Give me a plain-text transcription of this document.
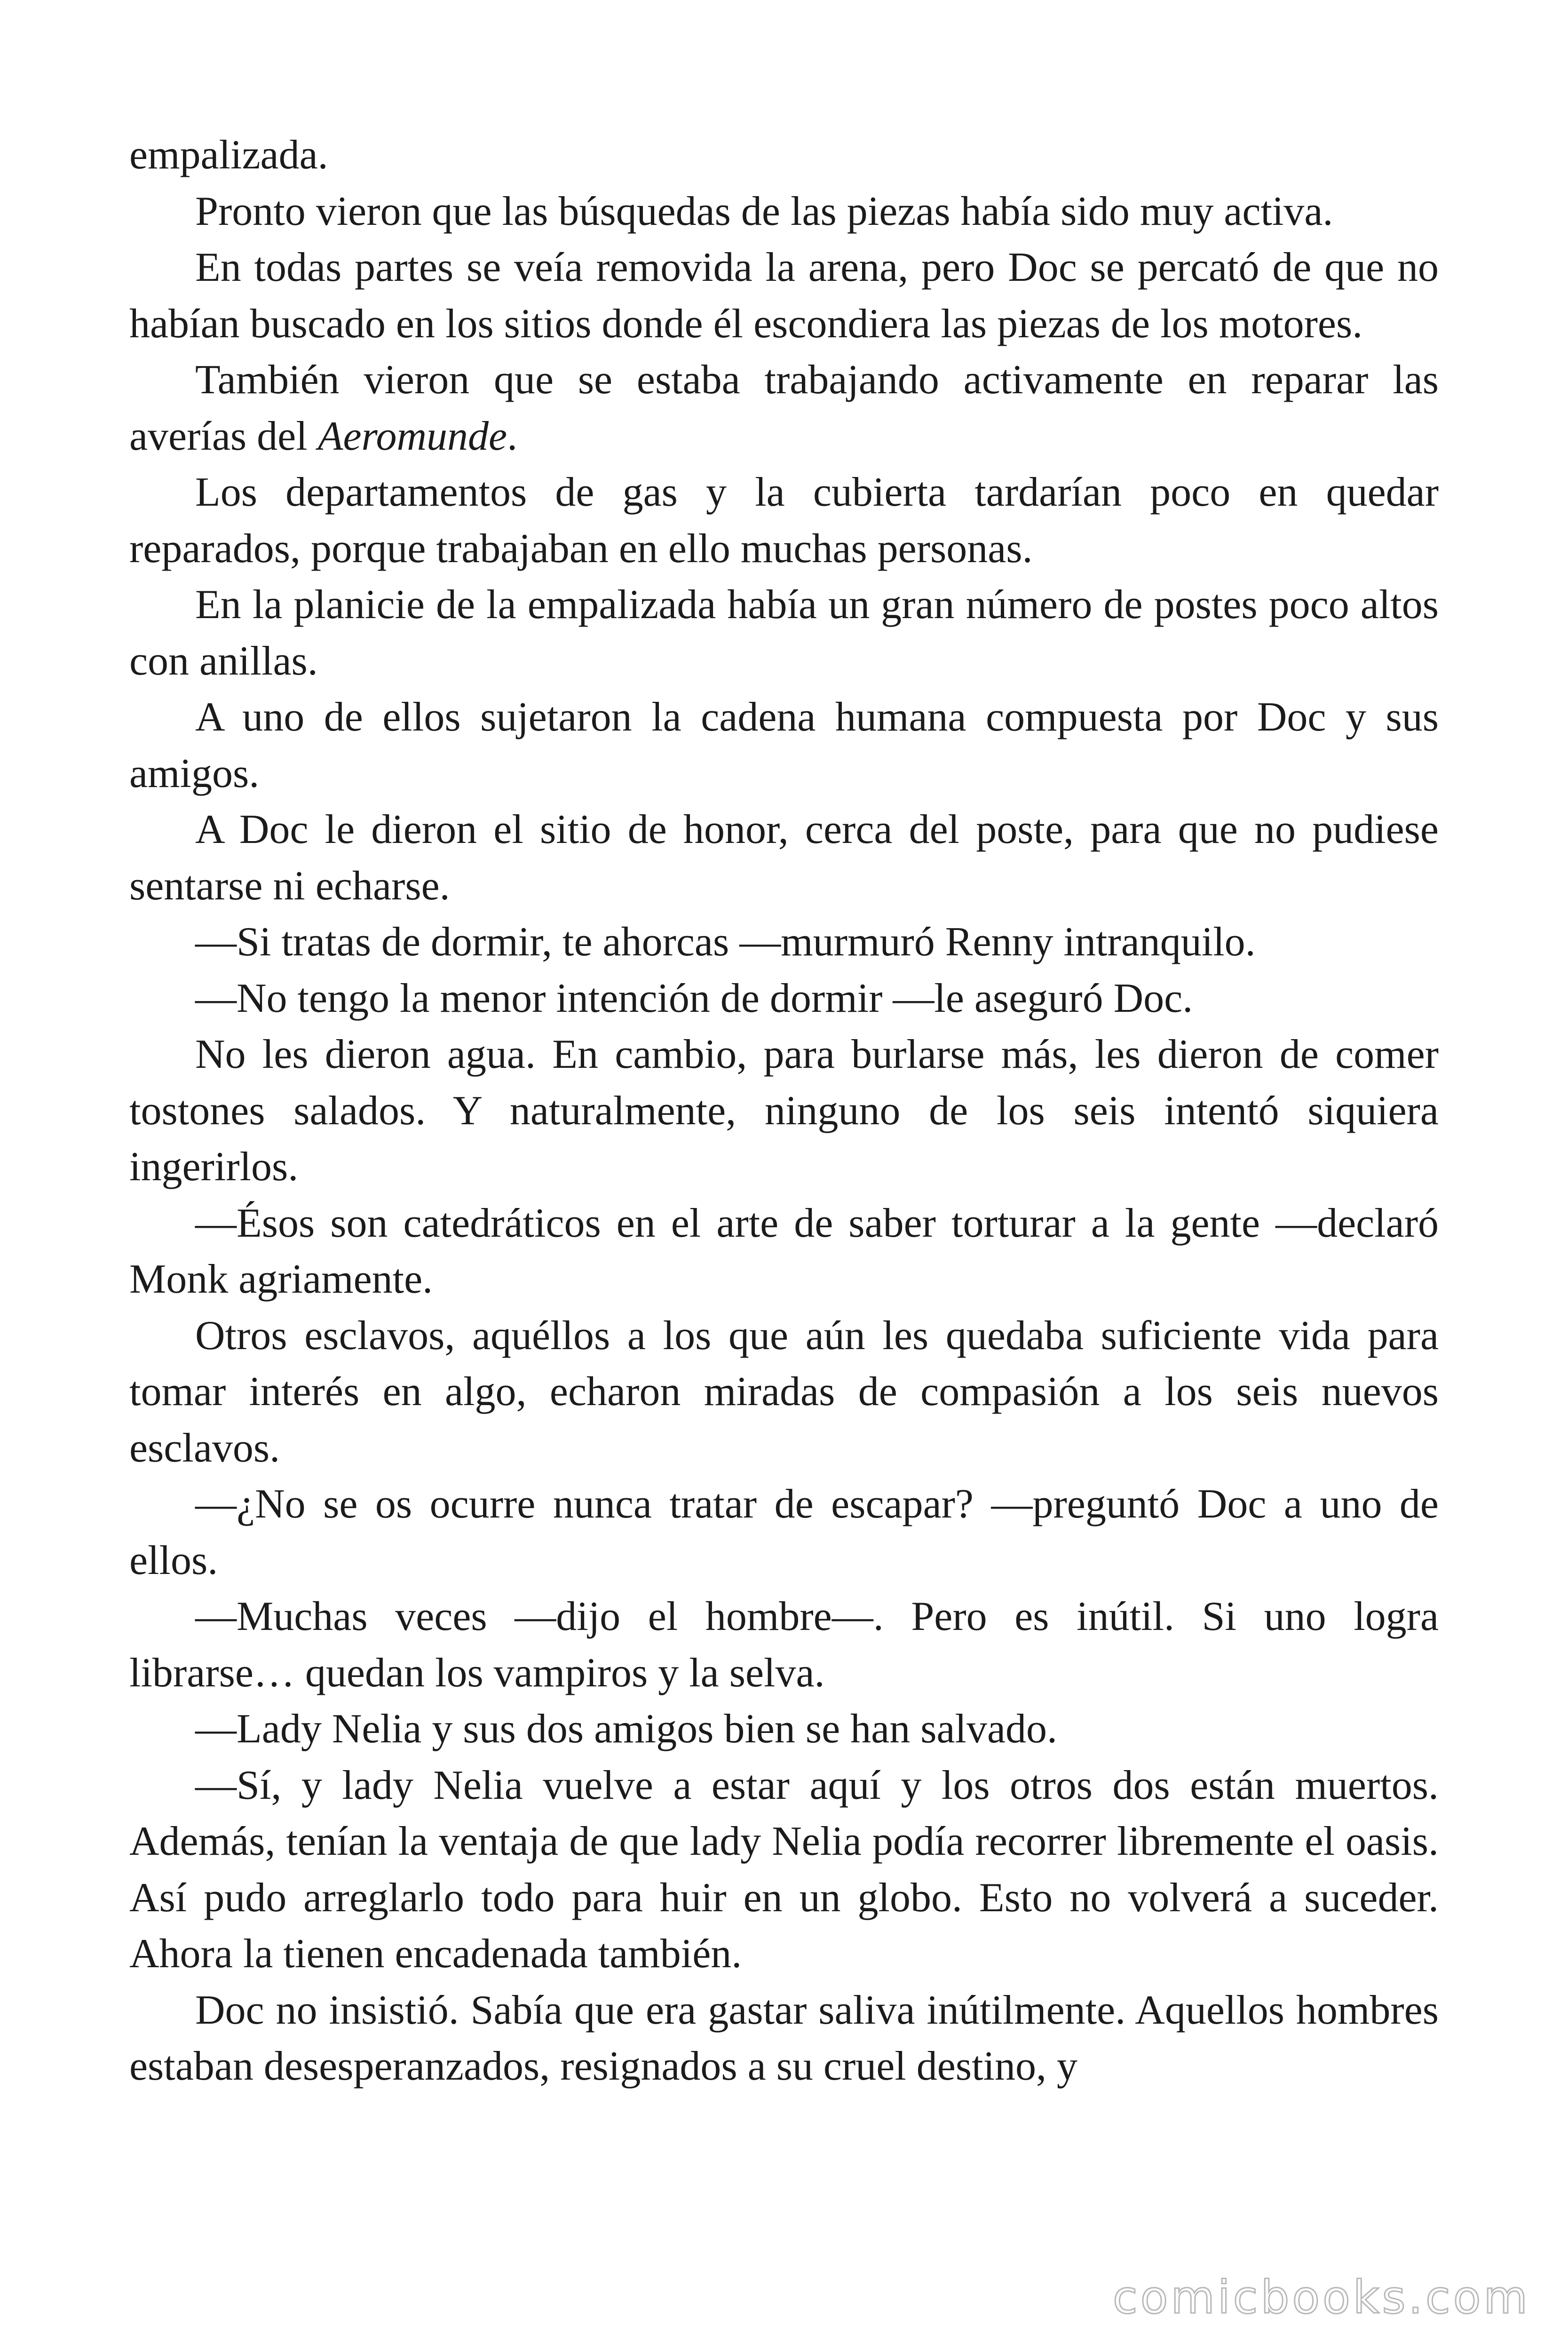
empalizada.

Pronto vieron que las búsquedas de las piezas había sido muy activa.

En todas partes se veía removida la arena, pero Doc se percató de que no habían buscado en los sitios donde él escondiera las piezas de los motores.

También vieron que se estaba trabajando activamente en reparar las averías del Aeromunde.

Los departamentos de gas y la cubierta tardarían poco en quedar reparados, porque trabajaban en ello muchas personas.

En la planicie de la empalizada había un gran número de postes poco altos con anillas.

A uno de ellos sujetaron la cadena humana compuesta por Doc y sus amigos.

A Doc le dieron el sitio de honor, cerca del poste, para que no pudiese sentarse ni echarse.

—Si tratas de dormir, te ahorcas —murmuró Renny intranquilo.

—No tengo la menor intención de dormir —le aseguró Doc.

No les dieron agua. En cambio, para burlarse más, les dieron de comer tostones salados. Y naturalmente, ninguno de los seis intentó siquiera ingerirlos.

—Ésos son catedráticos en el arte de saber torturar a la gente —declaró Monk agriamente.

Otros esclavos, aquéllos a los que aún les quedaba suficiente vida para tomar interés en algo, echaron miradas de compasión a los seis nuevos esclavos.

—¿No se os ocurre nunca tratar de escapar? —preguntó Doc a uno de ellos.

—Muchas veces —dijo el hombre—. Pero es inútil. Si uno logra librarse… quedan los vampiros y la selva.

—Lady Nelia y sus dos amigos bien se han salvado.

—Sí, y lady Nelia vuelve a estar aquí y los otros dos están muertos. Además, tenían la ventaja de que lady Nelia podía recorrer libremente el oasis. Así pudo arreglarlo todo para huir en un globo. Esto no volverá a suceder. Ahora la tienen encadenada también.

Doc no insistió. Sabía que era gastar saliva inútilmente. Aquellos hombres estaban desesperanzados, resignados a su cruel destino, y

comicbooks.com
